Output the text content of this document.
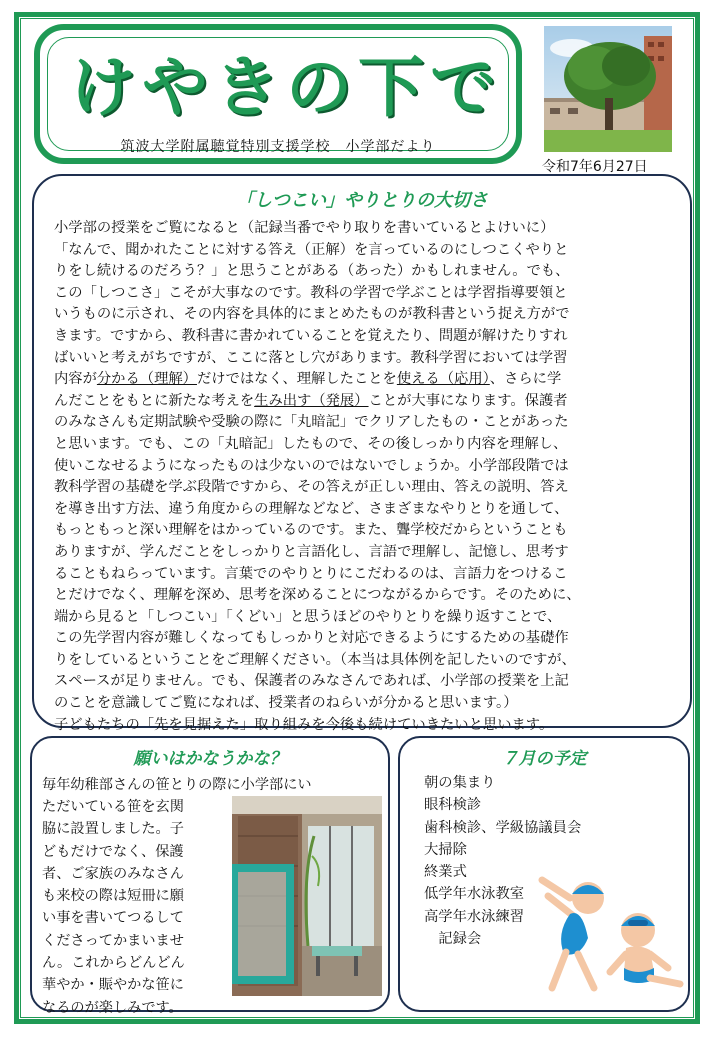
けやきの下で
筑波大学附属聴覚特別支援学校　小学部だより
令和7年6月27日
「しつこい」やりとりの大切さ

小学部の授業をご覧になると（記録当番でやり取りを書いているとよけいに）

「なんで、聞かれたことに対する答え（正解）を言っているのにしつこくやりと

りをし続けるのだろう？」と思うことがある（あった）かもしれません。でも、

この「しつこさ」こそが大事なのです。教科の学習で学ぶことは学習指導要領と

いうものに示され、その内容を具体的にまとめたものが教科書という捉え方がで

きます。ですから、教科書に書かれていることを覚えたり、問題が解けたりすれ

ばいいと考えがちですが、ここに落とし穴があります。教科学習においては学習

内容が分かる（理解）だけではなく、理解したことを使える（応用）、さらに学

んだことをもとに新たな考えを生み出す（発展）ことが大事になります。保護者

のみなさんも定期試験や受験の際に「丸暗記」でクリアしたもの・ことがあった

と思います。でも、この「丸暗記」したもので、その後しっかり内容を理解し、

使いこなせるようになったものは少ないのではないでしょうか。小学部段階では

教科学習の基礎を学ぶ段階ですから、その答えが正しい理由、答えの説明、答え

を導き出す方法、違う角度からの理解などなど、さまざまなやりとりを通して、

もっともっと深い理解をはかっているのです。また、聾学校だからということも

ありますが、学んだことをしっかりと言語化し、言語で理解し、記憶し、思考す

ることもねらっています。言葉でのやりとりにこだわるのは、言語力をつけるこ

とだけでなく、理解を深め、思考を深めることにつながるからです。そのために、

端から見ると「しつこい」「くどい」と思うほどのやりとりを繰り返すことで、

この先学習内容が難しくなってもしっかりと対応できるようにするための基礎作

りをしているということをご理解ください。（本当は具体例を記したいのですが、

スペースが足りません。でも、保護者のみなさんであれば、小学部の授業を上記

のことを意識してご覧になれば、授業者のねらいが分かると思います。）

子どもたちの「先を見据えた」取り組みを今後も続けていきたいと思います。

願いはかなうかな？
毎年幼稚部さんの笹とりの際に小学部にい
ただいている笹を玄関
脇に設置しました。子
どもだけでなく、保護
者、ご家族のみなさん
も来校の際は短冊に願
い事を書いてつるして
くださってかまいませ
ん。これからどんどん
華やか・賑やかな笹に
なるのが楽しみです。
７月の予定
朝の集まり
眼科検診
歯科検診、学級協議員会
大掃除
終業式
低学年水泳教室
高学年水泳練習
　記録会
